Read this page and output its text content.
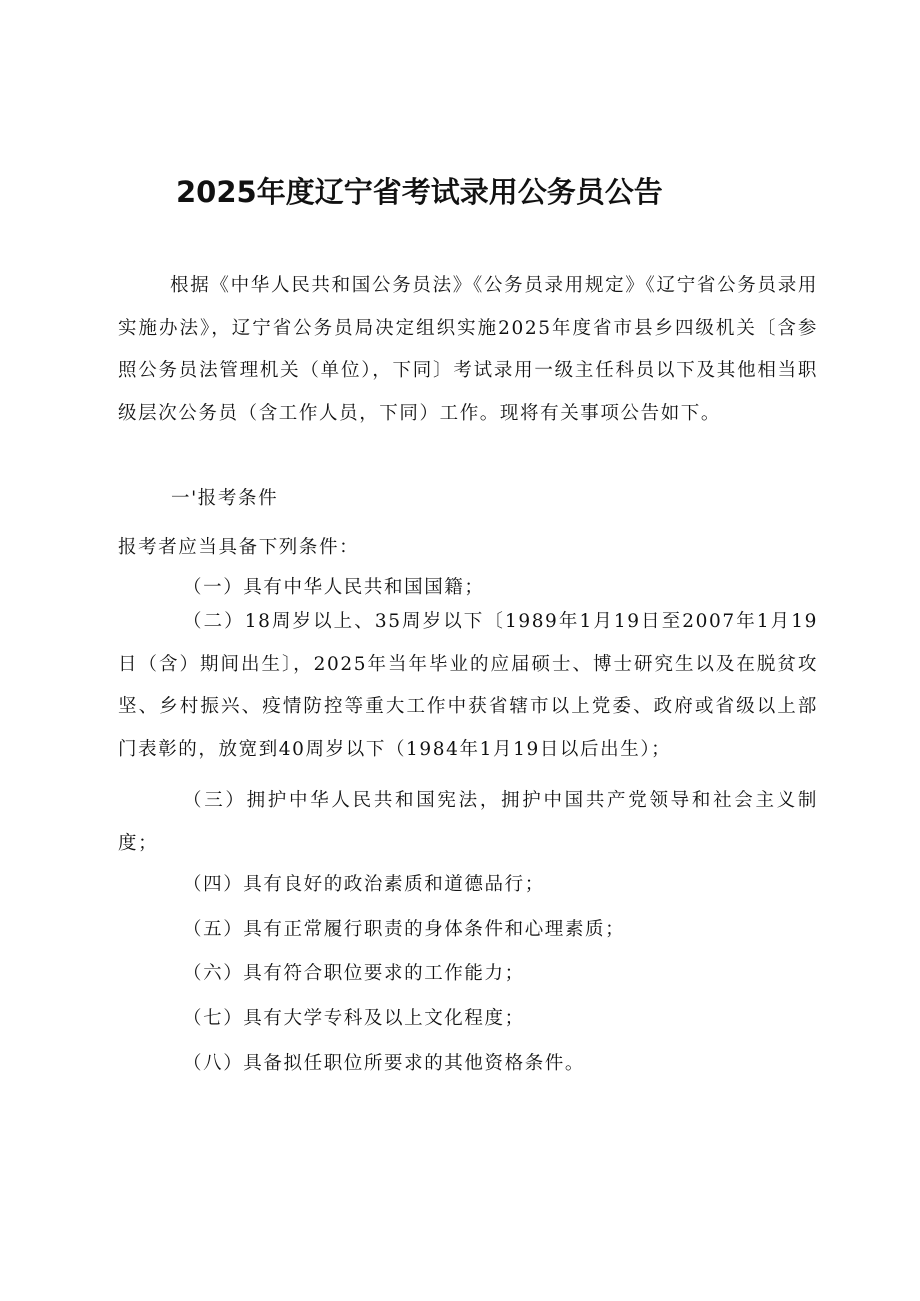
2025年度辽宁省考试录用公务员公告

根据《中华人民共和国公务员法》《公务员录用规定》《辽宁省公务员录用实施办法》，辽宁省公务员局决定组织实施2025年度省市县乡四级机关〔含参照公务员法管理机关（单位），下同〕考试录用一级主任科员以下及其他相当职级层次公务员（含工作人员，下同）工作。现将有关事项公告如下。

一'报考条件

报考者应当具备下列条件：

（一）具有中华人民共和国国籍；

（二）18周岁以上、35周岁以下〔1989年1月19日至2007年1月19日（含）期间出生〕，2025年当年毕业的应届硕士、博士研究生以及在脱贫攻坚、乡村振兴、疫情防控等重大工作中获省辖市以上党委、政府或省级以上部门表彰的，放宽到40周岁以下（1984年1月19日以后出生）；

（三）拥护中华人民共和国宪法，拥护中国共产党领导和社会主义制度；

（四）具有良好的政治素质和道德品行；

（五）具有正常履行职责的身体条件和心理素质；

（六）具有符合职位要求的工作能力；

（七）具有大学专科及以上文化程度；

（八）具备拟任职位所要求的其他资格条件。
